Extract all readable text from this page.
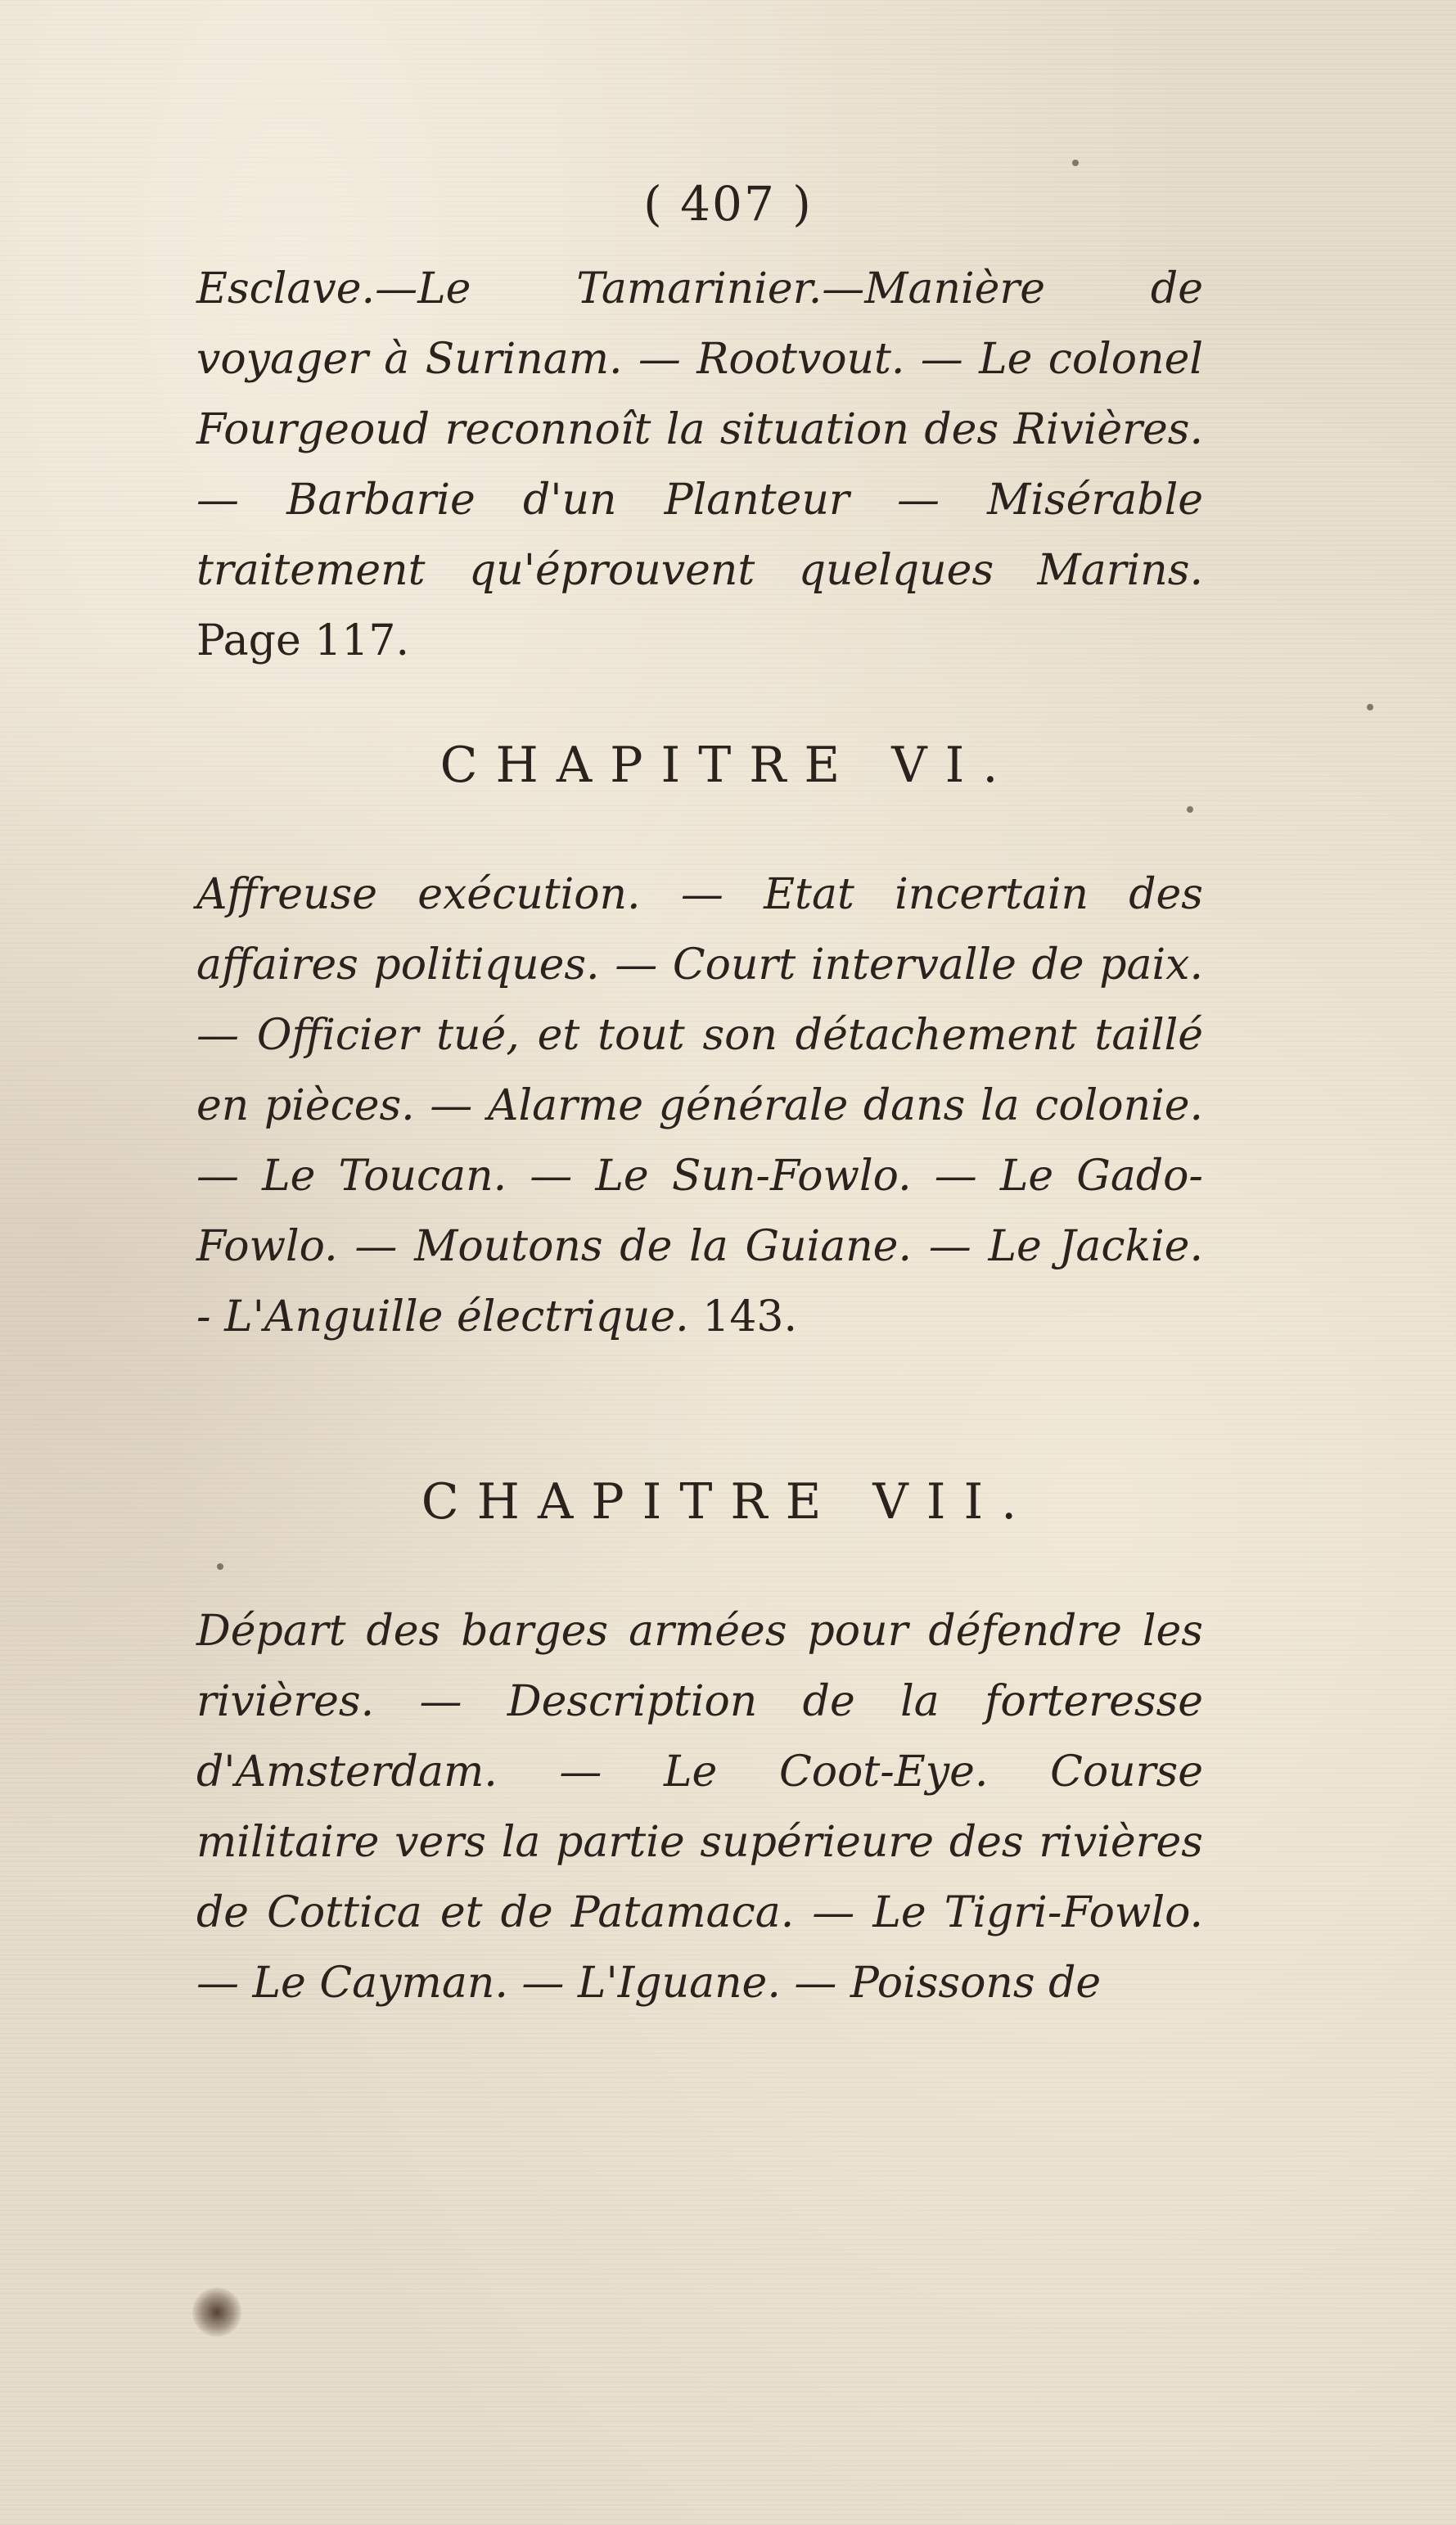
( 407 )

Esclave.—Le Tamarinier.—Manière de voyager à Surinam. — Rootvout. — Le colonel Fourgeoud reconnoît la situation des Rivières. — Barbarie d'un Planteur — Misérable traitement qu'éprouvent quelques Marins. Page 117.

CHAPITRE VI.

Affreuse exécution. — Etat incertain des affaires politiques. — Court intervalle de paix. — Officier tué, et tout son détachement taillé en pièces. — Alarme générale dans la colonie. — Le Toucan. — Le Sun-Fowlo. — Le Gado-Fowlo. — Moutons de la Guiane. — Le Jackie. - L'Anguille électrique. 143.

CHAPITRE VII.

Départ des barges armées pour défendre les rivières. — Description de la forteresse d'Amsterdam. — Le Coot-Eye. Course militaire vers la partie supérieure des rivières de Cottica et de Patamaca. — Le Tigri-Fowlo. — Le Cayman. — L'Iguane. — Poissons de
